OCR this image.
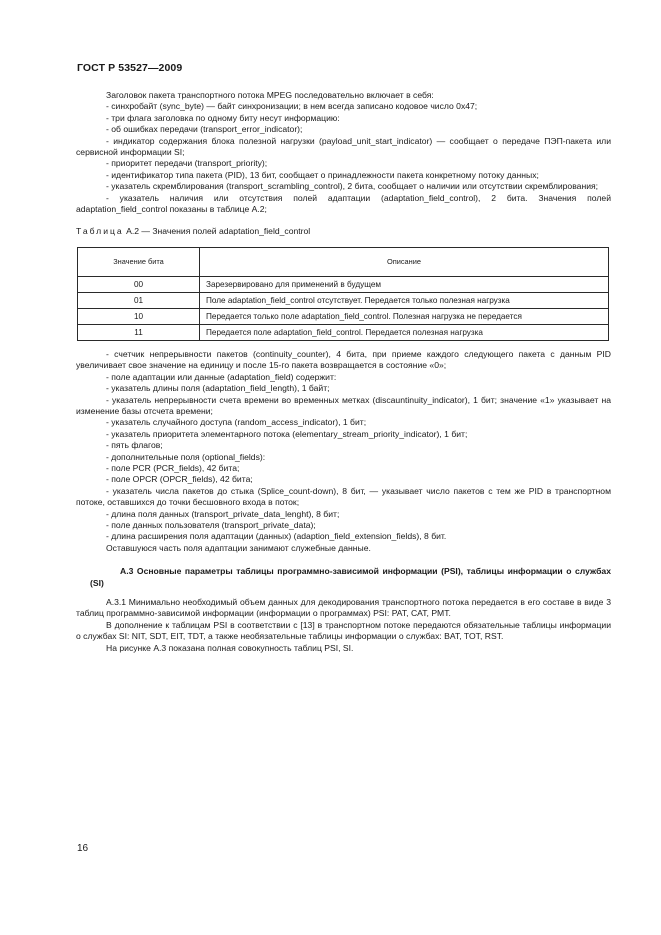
ГОСТ Р 53527—2009

Заголовок пакета транспортного потока MPEG последовательно включает в себя:

- синхробайт (sync_byte) — байт синхронизации; в нем всегда записано кодовое число 0x47;

- три флага заголовка по одному биту несут информацию:

- об ошибках передачи (transport_error_indicator);

- индикатор содержания блока полезной нагрузки (payload_unit_start_indicator) — сообщает о передаче ПЭП-пакета или сервисной информации SI;

- приоритет передачи (transport_priority);

- идентификатор типа пакета (PID), 13 бит, сообщает о принадлежности пакета конкретному потоку данных;

- указатель скремблирования (transport_scrambling_control), 2 бита, сообщает о наличии или отсутствии скремблирования;

- указатель наличия или отсутствия полей адаптации (adaptation_field_control), 2 бита. Значения полей adaptation_field_control показаны в таблице А.2;

Таблица А.2 — Значения полей adaptation_field_control
Значение бита	Описание
00	Зарезервировано для применений в будущем
01	Поле adaptation_field_control отсутствует. Передается только полезная нагрузка
10	Передается только поле adaptation_field_control. Полезная нагрузка не передается
11	Передается поле adaptation_field_control. Передается полезная нагрузка

- счетчик непрерывности пакетов (continuity_counter), 4 бита, при приеме каждого следующего пакета с данным PID увеличивает свое значение на единицу и после 15-го пакета возвращается в состояние «0»;

- поле адаптации или данные (adaptation_field) содержит:

- указатель длины поля (adaptation_field_length), 1 байт;

- указатель непрерывности счета времени во временных метках (discauntinuity_indicator), 1 бит; значение «1» указывает на изменение базы отсчета времени;

- указатель случайного доступа (random_access_indicator), 1 бит;

- указатель приоритета элементарного потока (elementary_stream_priority_indicator), 1 бит;

- пять флагов;

- дополнительные поля (optional_fields):

- поле PCR (PCR_fields), 42 бита;

- поле OPCR (OPCR_fields), 42 бита;

- указатель числа пакетов до стыка (Splice_count-down), 8 бит, — указывает число пакетов с тем же PID в транспортном потоке, оставшихся до точки бесшовного входа в поток;

- длина поля данных (transport_private_data_lenght), 8 бит;

- поле данных пользователя (transport_private_data);

- длина расширения поля адаптации (данных) (adaption_field_extension_fields), 8 бит.

Оставшуюся часть поля адаптации занимают служебные данные.

А.3 Основные параметры таблицы программно-зависимой информации (PSI), таблицы информации о службах (SI)

А.3.1 Минимально необходимый объем данных для декодирования транспортного потока передается в его составе в виде 3 таблиц программно-зависимой информации (информации о программах) PSI: PAT, CAT, PMT.

В дополнение к таблицам PSI в соответствии с [13] в транспортном потоке передаются обязательные таблицы информации о службах SI: NIT, SDT, EIT, TDT, а также необязательные таблицы информации о службах: BAT, TOT, RST.

На рисунке А.3 показана полная совокупность таблиц PSI, SI.

16
